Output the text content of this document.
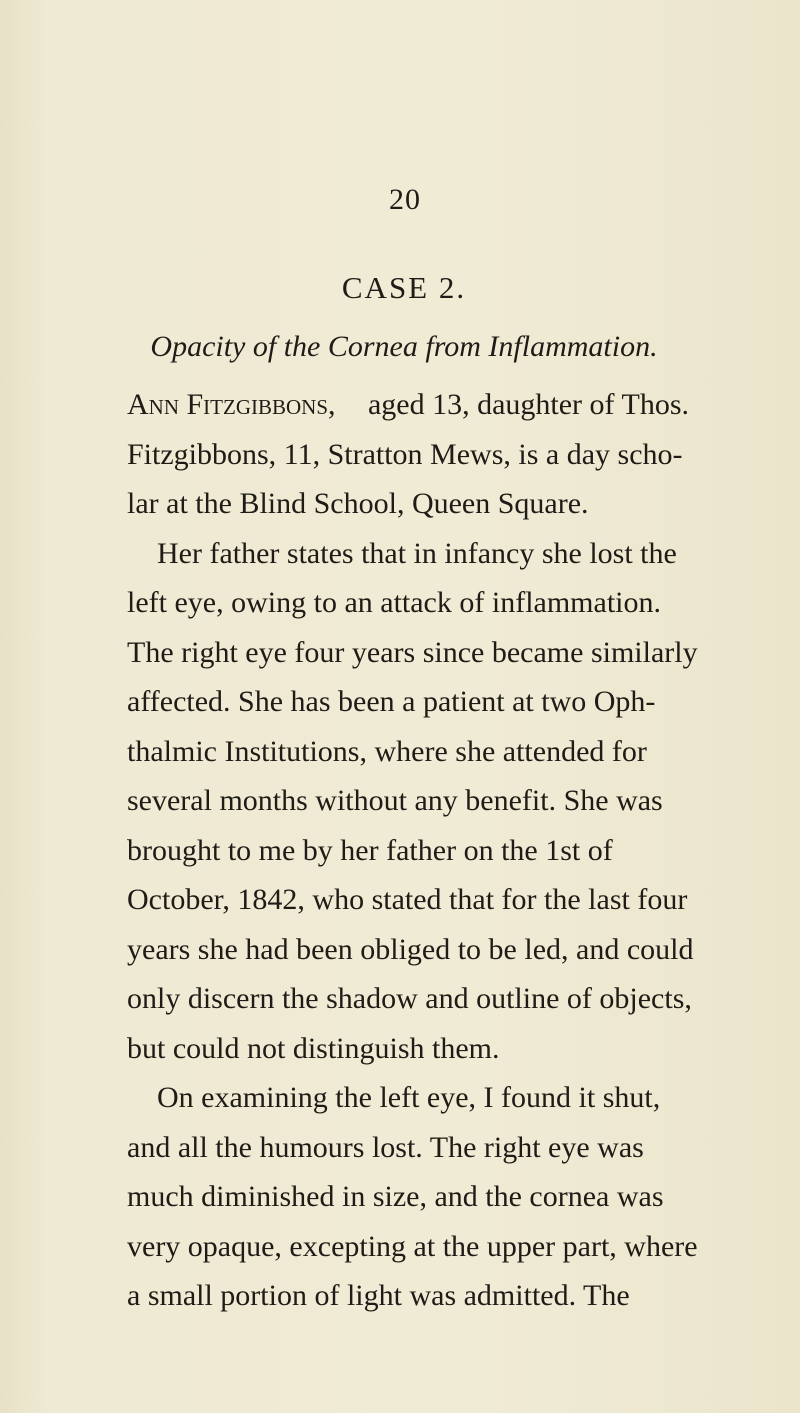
20
CASE 2.
Opacity of the Cornea from Inflammation.
Ann Fitzgibbons,	aged 13, daughter of Thos.
Fitzgibbons, 11, Stratton Mews, is a day scho-
lar at the Blind School, Queen Square.
Her father states that in infancy she lost the
left eye, owing to an attack of inflammation.
The right eye four years since became similarly
affected. She has been a patient at two Oph-
thalmic Institutions, where she attended for
several months without any benefit. She was
brought to me by her father on the 1st of
October, 1842, who stated that for the last four
years she had been obliged to be led, and could
only discern the shadow and outline of objects,
but could not distinguish them.
On examining the left eye, I found it shut,
and all the humours lost. The right eye was
much diminished in size, and the cornea was
very opaque, excepting at the upper part, where
a small portion of light was admitted. The
